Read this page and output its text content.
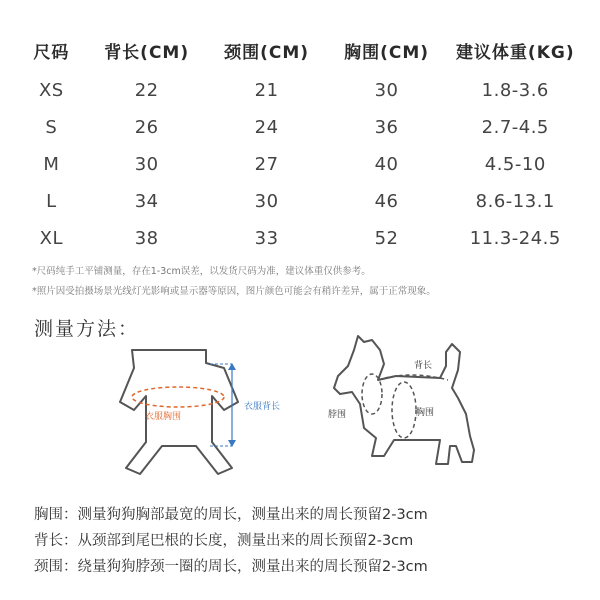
尺码	背长(CM)	颈围(CM)	胸围(CM)	建议体重(KG)
XS	22	21	30	1.8-3.6
S	26	24	36	2.7-4.5
M	30	27	40	4.5-10
L	34	30	46	8.6-13.1
XL	38	33	52	11.3-24.5
*尺码纯手工平铺测量，存在1-3cm误差，以发货尺码为准，建议体重仅供参考。
*照片因受拍摄场景光线灯光影响或显示器等原因，图片颜色可能会有稍许差异，属于正常现象。
测量方法：
衣服胸围
衣服背长
背长
脖围	胸围
胸围：测量狗狗胸部最宽的周长，测量出来的周长预留2-3cm
背长：从颈部到尾巴根的长度，测量出来的周长预留2-3cm
颈围：绕量狗狗脖颈一圈的周长，测量出来的周长预留2-3cm
